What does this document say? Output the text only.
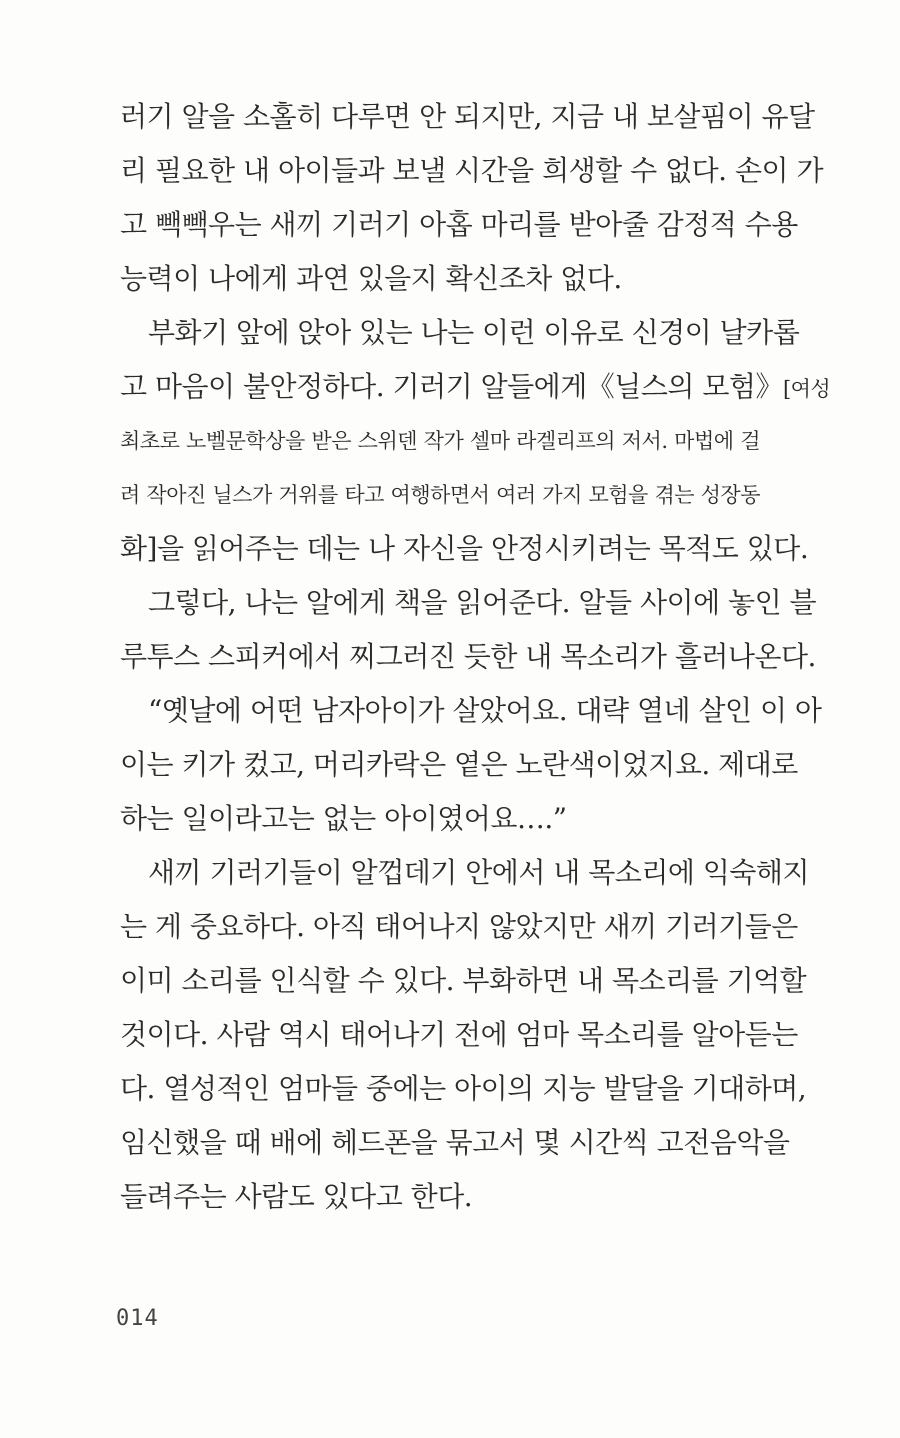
러기 알을 소홀히 다루면 안 되지만, 지금 내 보살핌이 유달
리 필요한 내 아이들과 보낼 시간을 희생할 수 없다. 손이 가
고 빽빽우는 새끼 기러기 아홉 마리를 받아줄 감정적 수용
능력이 나에게 과연 있을지 확신조차 없다.
부화기 앞에 앉아 있는 나는 이런 이유로 신경이 날카롭
고 마음이 불안정하다. 기러기 알들에게《닐스의 모험》[여성
최초로 노벨문학상을 받은 스위덴 작가 셀마 라겔리프의 저서. 마법에 걸
려 작아진 닐스가 거위를 타고 여행하면서 여러 가지 모험을 겪는 성장동
화]을 읽어주는 데는 나 자신을 안정시키려는 목적도 있다.
그렇다, 나는 알에게 책을 읽어준다. 알들 사이에 놓인 블
루투스 스피커에서 찌그러진 듯한 내 목소리가 흘러나온다.
“옛날에 어떤 남자아이가 살았어요. 대략 열네 살인 이 아
이는 키가 컸고, 머리카락은 옅은 노란색이었지요. 제대로
하는 일이라고는 없는 아이였어요….”
새끼 기러기들이 알껍데기 안에서 내 목소리에 익숙해지
는 게 중요하다. 아직 태어나지 않았지만 새끼 기러기들은
이미 소리를 인식할 수 있다. 부화하면 내 목소리를 기억할
것이다. 사람 역시 태어나기 전에 엄마 목소리를 알아듣는
다. 열성적인 엄마들 중에는 아이의 지능 발달을 기대하며,
임신했을 때 배에 헤드폰을 묶고서 몇 시간씩 고전음악을
들려주는 사람도 있다고 한다.
014
